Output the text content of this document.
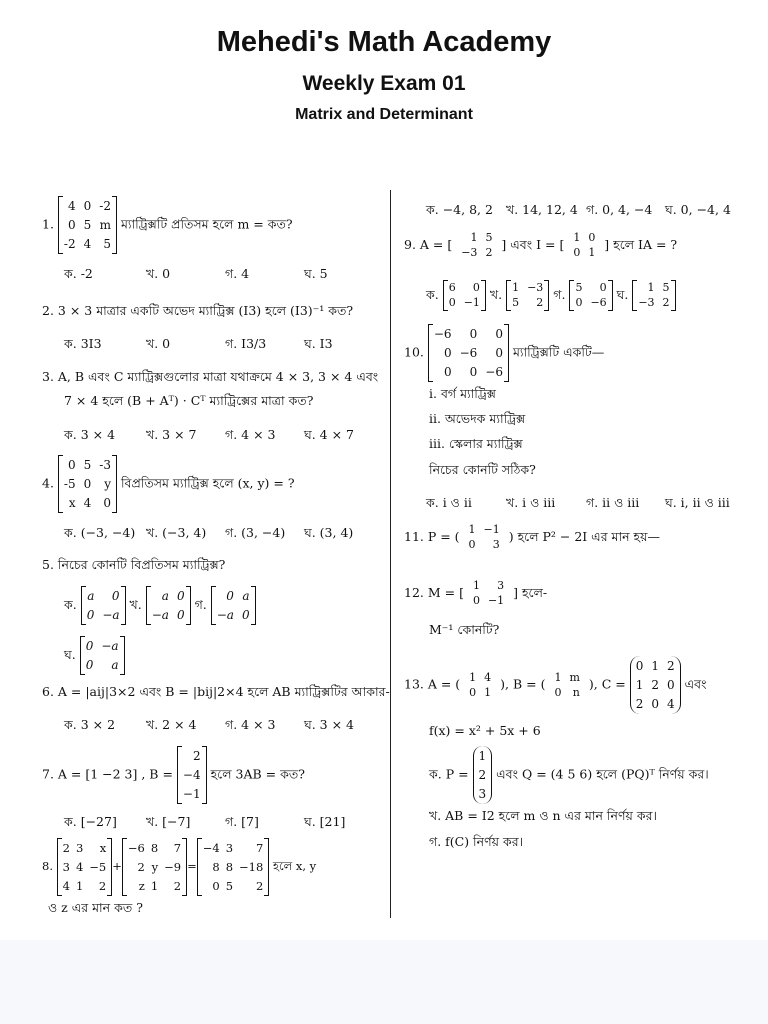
Mehedi's Math Academy
Weekly Exam 01
Matrix and Determinant
1.
4 0 -2
0 5 m
-2 4	5
ম্যাট্রিক্সটি প্রতিসম হলে m = কত?
ক. -2	খ. 0	গ. 4	ঘ. 5
2. 3 × 3 মাত্রার একটি অভেদ ম্যাট্রিক্স (I3) হলে (I3)⁻¹ কত?
ক. 3I3	খ. 0	গ. I3/3	ঘ. I3
3. A, B এবং C ম্যাট্রিক্সগুলোর মাত্রা যথাক্রমে 4 × 3, 3 × 4 এবং
7 × 4 হলে (B + Aᵀ) · Cᵀ ম্যাট্রিক্সের মাত্রা কত?
ক. 3 × 4 খ. 3 × 7 গ. 4 × 3 ঘ. 4 × 7
4.
0 5 -3
-5 0	y
x 4	0
বিপ্রতিসম ম্যাট্রিক্স হলে (x, y) = ?
ক. (−3, −4) খ. (−3, 4) গ. (3, −4) ঘ. (3, 4)
5. নিচের কোনটি বিপ্রতিসম ম্যাট্রিক্স?
ক.
a	0
0 −a
খ.
a 0
−a 0
গ.
0 a
−a 0
ঘ.
0 −a
0	a
6. A = |aij|3×2 এবং B = |bij|2×4 হলে AB ম্যাট্রিক্সটির আকার-
ক. 3 × 2 খ. 2 × 4 গ. 4 × 3 ঘ. 3 × 4
7. A = [1 −2 3] , B =
2
−4
−1
হলে 3AB = কত?
ক. [−27] খ. [−7]	গ. [7]	ঘ. [21]
8.
2 3	x
3 4 −5
4 1	2
+
−6 8	7
2 y −9
z 1	2
=
−4 3	7
8 8 −18
0 5	2
হলে x, y
ও z এর মান কত ?
ক. −4, 8, 2 খ. 14, 12, 4 গ. 0, 4, −4 ঘ. 0, −4, 4
9. A = [	1 5
−3 2
] এবং I = [ 1 0
0 1
] হলে IA = ?
ক. 6	0
0 −1
খ. 1 −3
5	2
গ. 5	0
0 −6
ঘ.	1 5
−3 2
10.
−6	0	0
0 −6	0
0	0 −6
ম্যাট্রিক্সটি একটি—
i. বর্গ ম্যাট্রিক্স
ii. অভেদক ম্যাট্রিক্স
iii. স্কেলার ম্যাট্রিক্স
নিচের কোনটি সঠিক?
ক. i ও ii	খ. i ও iii গ. ii ও iii ঘ. i, ii ও iii
11. P = ( 1 −1
0	3
) হলে P² − 2I এর মান হয়—
12. M = [ 1	3
0 −1
] হলে-
M⁻¹ কোনটি?
13. A = ( 1 4
0 1
), B = ( 1 m
0	n
), C =
0 1 2
1 2 0
2 0 4
এবং
f(x) = x² + 5x + 6
ক. P =
1
2
3
এবং Q = (4 5 6) হলে (PQ)ᵀ নির্ণয় কর।
খ. AB = I2 হলে m ও n এর মান নির্ণয় কর।
গ. f(C) নির্ণয় কর।
